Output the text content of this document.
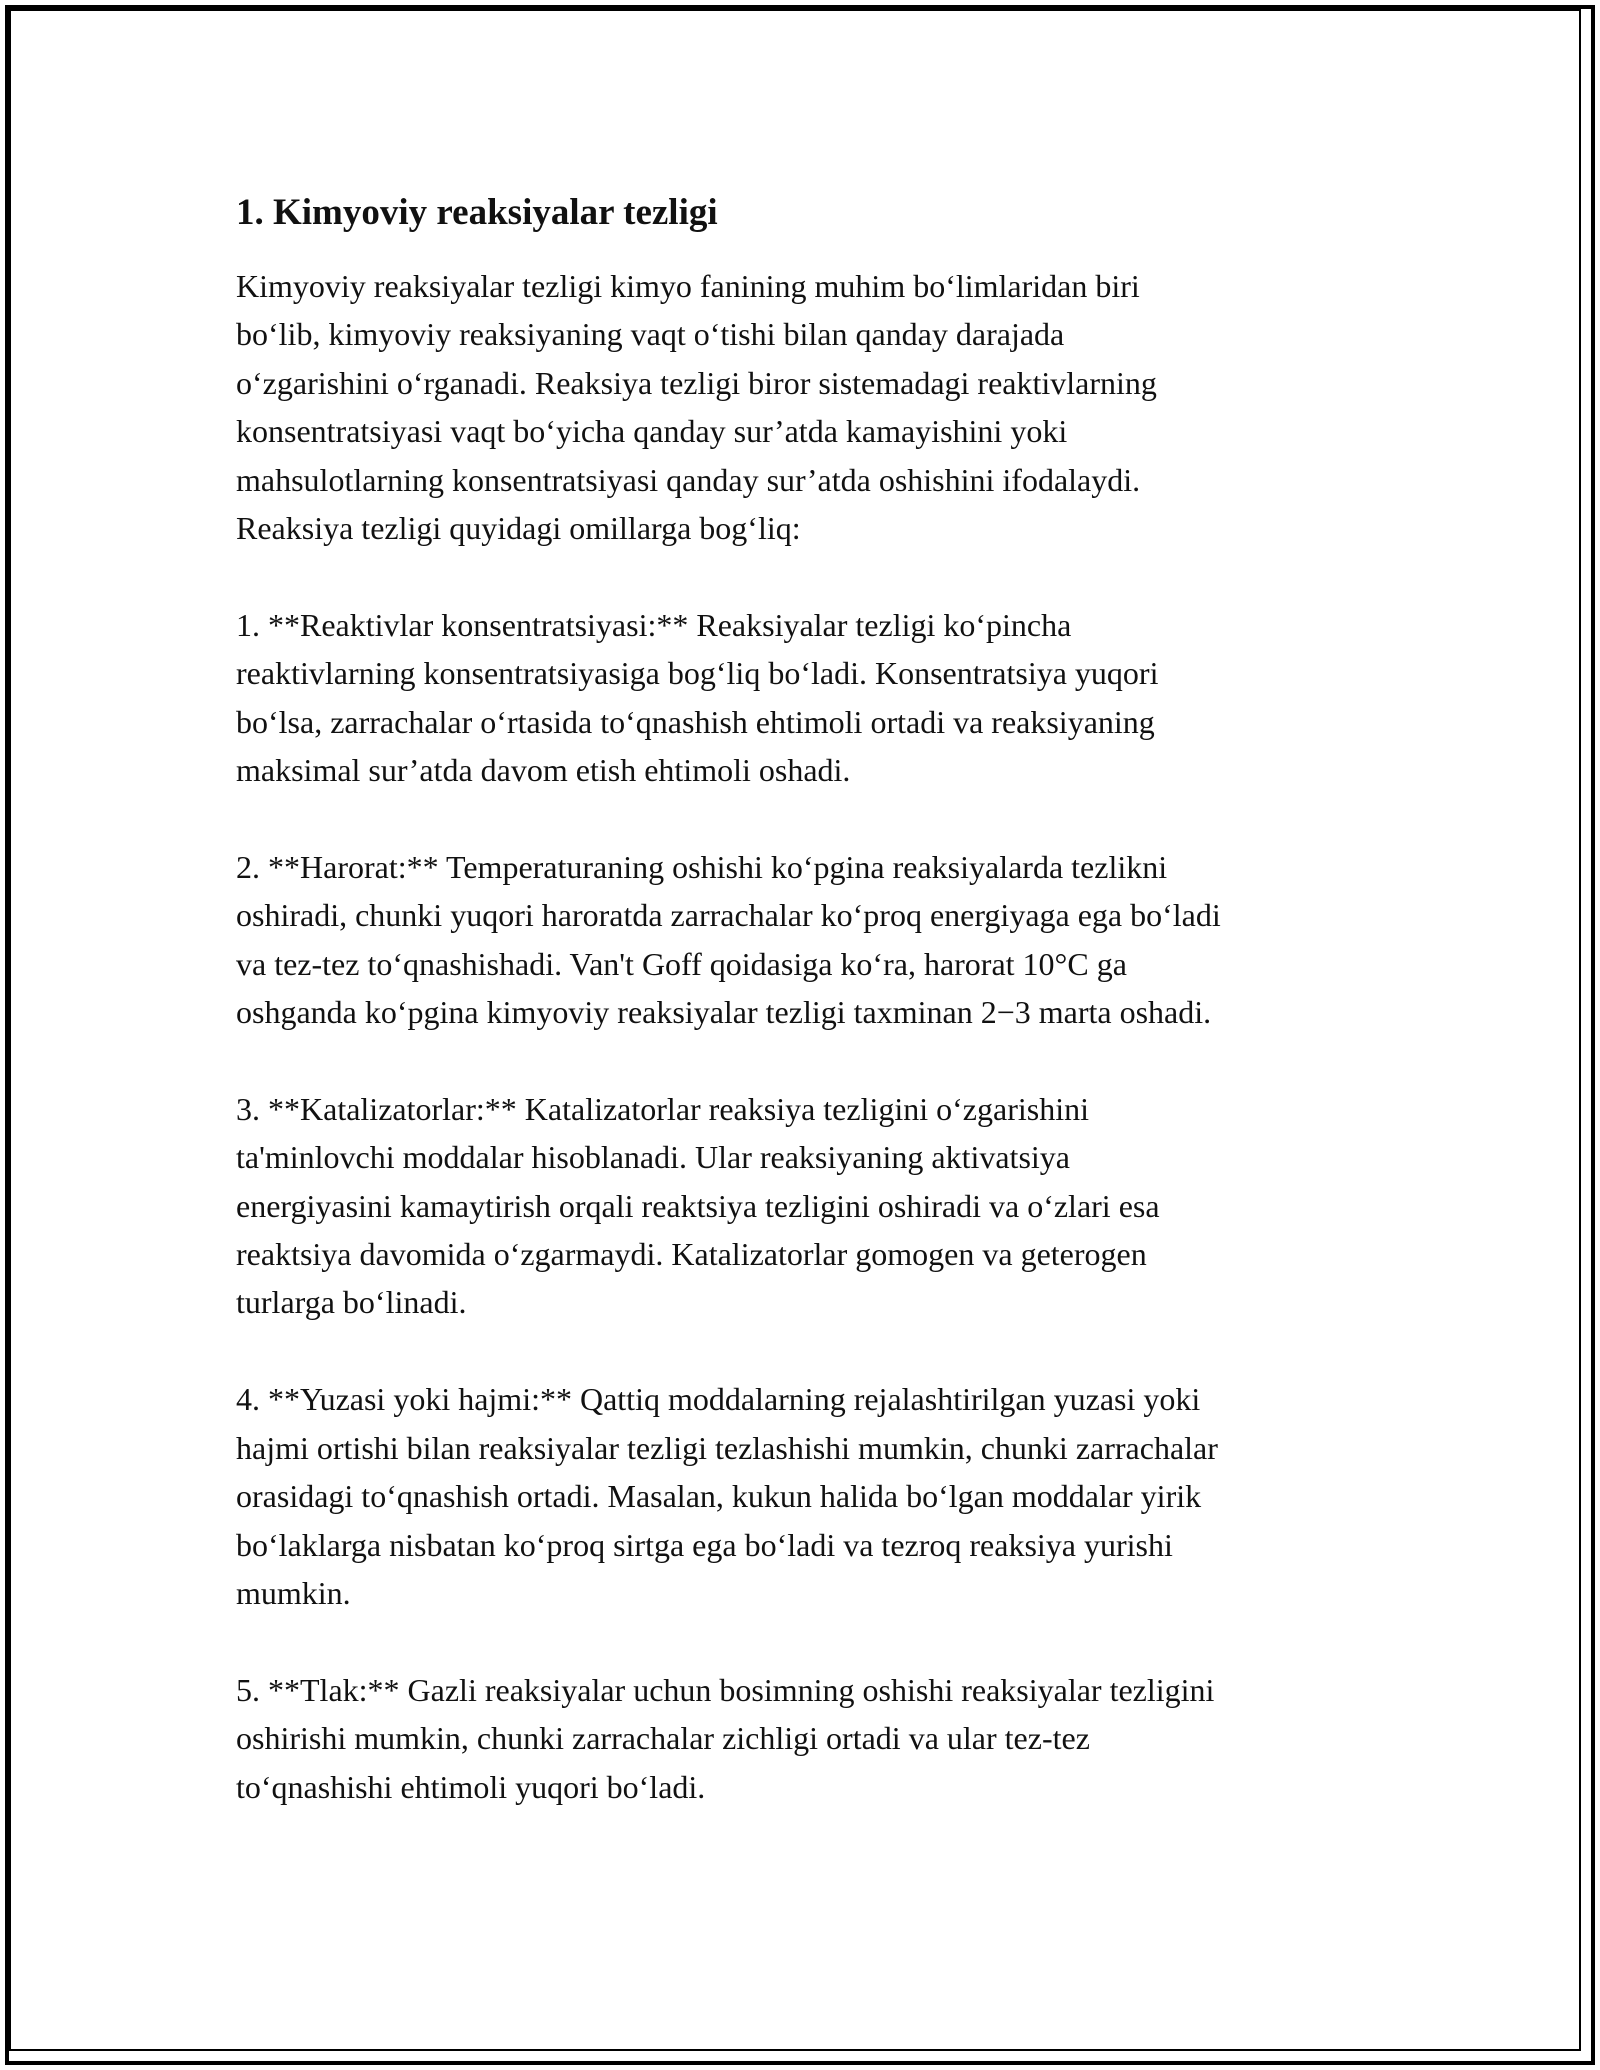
1. Kimyoviy reaksiyalar tezligi

Kimyoviy reaksiyalar tezligi kimyo fanining muhim bo‘limlaridan biri
bo‘lib, kimyoviy reaksiyaning vaqt o‘tishi bilan qanday darajada
o‘zgarishini o‘rganadi. Reaksiya tezligi biror sistemadagi reaktivlarning
konsentratsiyasi vaqt bo‘yicha qanday sur’atda kamayishini yoki
mahsulotlarning konsentratsiyasi qanday sur’atda oshishini ifodalaydi.
Reaksiya tezligi quyidagi omillarga bog‘liq:

1. **Reaktivlar konsentratsiyasi:** Reaksiyalar tezligi ko‘pincha
reaktivlarning konsentratsiyasiga bog‘liq bo‘ladi. Konsentratsiya yuqori
bo‘lsa, zarrachalar o‘rtasida to‘qnashish ehtimoli ortadi va reaksiyaning
maksimal sur’atda davom etish ehtimoli oshadi.

2. **Harorat:** Temperaturaning oshishi ko‘pgina reaksiyalarda tezlikni
oshiradi, chunki yuqori haroratda zarrachalar ko‘proq energiyaga ega bo‘ladi
va tez-tez to‘qnashishadi. Van't Goff qoidasiga ko‘ra, harorat 10°C ga
oshganda ko‘pgina kimyoviy reaksiyalar tezligi taxminan 2−3 marta oshadi.

3. **Katalizatorlar:** Katalizatorlar reaksiya tezligini o‘zgarishini
ta'minlovchi moddalar hisoblanadi. Ular reaksiyaning aktivatsiya
energiyasini kamaytirish orqali reaktsiya tezligini oshiradi va o‘zlari esa
reaktsiya davomida o‘zgarmaydi. Katalizatorlar gomogen va geterogen
turlarga bo‘linadi.

4. **Yuzasi yoki hajmi:** Qattiq moddalarning rejalashtirilgan yuzasi yoki
hajmi ortishi bilan reaksiyalar tezligi tezlashishi mumkin, chunki zarrachalar
orasidagi to‘qnashish ortadi. Masalan, kukun halida bo‘lgan moddalar yirik
bo‘laklarga nisbatan ko‘proq sirtga ega bo‘ladi va tezroq reaksiya yurishi
mumkin.

5. **Tlak:** Gazli reaksiyalar uchun bosimning oshishi reaksiyalar tezligini
oshirishi mumkin, chunki zarrachalar zichligi ortadi va ular tez-tez
to‘qnashishi ehtimoli yuqori bo‘ladi.
